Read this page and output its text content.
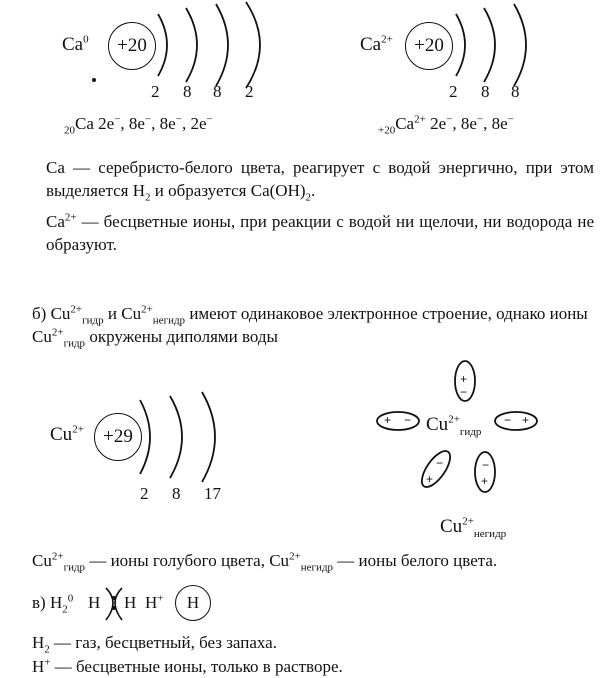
$Ca^0 +20$
2 8 8 2
$_{20}$Ca 2e−, 8e−, 8e−, 2e−
$Ca^{2+} +20$
2 8 8
$_{+20}Ca^{2+}$ 2e−, 8e−, 8e−
Ca — серебристо-белого цвета, реагирует с водой энергично, при этом выделяется $H_2$ и образуется $Ca(OH)_2$.
$Ca^{2+}$ — бесцветные ионы, при реакции с водой ни щелочи, ни водорода не образуют.
б) $Cu^{2+}_{гидр}$ и $Cu^{2+}_{негидр}$ имеют одинаковое электронное строение, однако ионы $Cu^{2+}_{гидр}$ окружены диполями воды
$Cu^{2+} +29$
2 8 17
$Cu^{2+}_{гидр}$
+
−
+ −	− +
−
+
−
+
$Cu^{2+}_{негидр}$
$Cu^{2+}_{гидр}$ — ионы голубого цвета, $Cu^{2+}_{негидр}$ — ионы белого цвета.
в) $H_2^0$ H H H+ H
$H_2$ — газ, бесцветный, без запаха.
H+ — бесцветные ионы, только в растворе.
